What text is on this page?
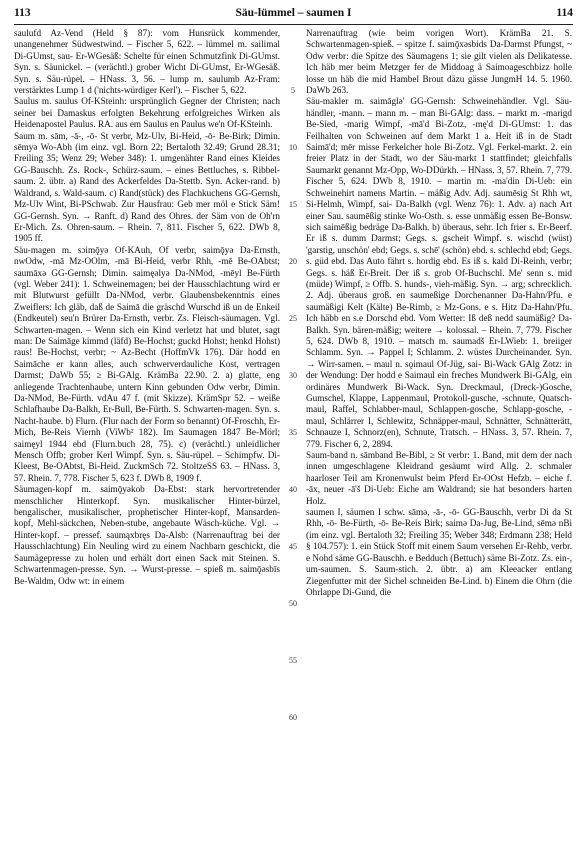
113	Säu-lümmel – saumen I	114

saulufd Az-Vend (Held § 87): vom Hunsrück kommender, unangenehmer Südwestwind. – Fischer 5, 622. – lümmel m. sailimal Di-GUmst, sau- Er-WGesäß: Schelte für einen Schmutzfink Di-GUmst. Syn. s. Säunickel. – (verächtl.) grober Wicht Di-GUmst, Er-WGesäß. Syn. s. Säu-rüpel. – HNass. 3, 56. – lump m. saulumb Az-Fram: verstärktes Lump 1 d ('nichts-würdiger Kerl'). – Fischer 5, 622.

Saulus m. saulus Of-KSteinh: ursprünglich Gegner der Christen; nach seiner bei Damaskus erfolgten Bekehrung erfolgreiches Wirken als Heidenapostel Paulus. RA. aus em Saulus en Paulus we'n Of-KSteinh.

Saum m. sām, -ā-, -ō- St verbr, Mz-Ulv, Bi-Heid, -ō- Be-Birk; Dimin. sēmyə Wo-Abh (im einz. vgl. Born 22; Bertaloth 32.49; Grund 28.31; Freiling 35; Wenz 29; Weber 348): 1. umgenähter Rand eines Kleides GG-Bauschh. Zs. Rock-, Schürz-saum. – eines Bettluches, s. Ribbel-saum. 2. übtr. a) Rand des Ackerfeldes Da-Stettb. Syn. Acker-rand. b) Waldrand, s. Wald-saum. c) Rand(stück) des Flachkuchens GG-Gernsh, Mz-Ulv Wint, Bi-PSchwab. Zur Hausfrau: Geb mer möl e Stick Säm! GG-Gernsh. Syn. → Ranft. d) Rand des Ohres. der Säm von de Oh'rn Er-Mich. Zs. Ohren-saum. – Rhein. 7, 811. Fischer 5, 622. DWb 8, 1905 ff.

Säu-magen m. sɔimǭyə Of-KAuh, Of verbr, saimǭyə Da-Ernsth, nwOdw, -mā Mz-OOlm, -mā Bi-Heid, verbr Rhh, -mē Be-OAbtst; saumāxə GG-Gernsh; Dimin. saimęǝlyǝ Da-NMod, -mēyl Be-Fürth (vgl. Weber 241): 1. Schweinemagen; bei der Hausschlachtung wird er mit Blutwurst gefüllt Da-NMod, verbr. Glaubensbekenntnis eines Zweiflers: Ich gläb, daß de Saimā die gräschd Wurschd iß un de Enkeil (Endkeutel) seu'n Brürer Da-Ernsth, verbr. Zs. Fleisch-säumagen. Vgl. Schwarten-magen. – Wenn sich ein Kind verletzt hat und blutet, sagt man: De Saimāge kimmd (läfd) Be-Hochst; guckd Hohst; henkd Hohst) raus! Be-Hochst, verbr; ~ Az-Becht (HoffmVk 176). Där hodd en Saimāche er kann alles, auch schwerverdauliche Kost, vertragen Darmst; DaWb 55; ≥ Bi-GAlg. KrämBa 22.90. 2. a) glatte, eng anliegende Trachtenhaube, untern Kinn gebunden Odw verbr, Dimin. Da-NMod, Be-Fürth. vdAu 47 f. (mit Skizze). KrämSpr 52. – weiße Schlafhaube Da-Balkh, Er-Bull, Be-Fürth. S. Schwarten-magen. Syn. s. Nacht-haube. b) Flurn. (Flur nach der Form so benannt) Of-Froschh, Er-Mich, Be-Reis Viernh (ViWb² 182). Im Saumagen 1847 Be-Mörl; saimęyl 1944 ebd (Flurn.buch 28, 75). c) (verächtl.) unleidlicher Mensch Offb; grober Kerl Wimpf. Syn. s. Säu-rüpel. – Schimpfw. Di-Kleest, Be-OAbtst, Bi-Heid. ZuckmSch 72. StoltzeSS 63. – HNass. 3, 57. Rhein. 7, 778. Fischer 5, 623 f. DWb 8, 1909 f.

Säumagen-kopf m. saimǭyəkob Da-Ebst: stark hervortretender menschlicher Hinterkopf. Syn. musikalischer Hinter-bürzel, bengalischer, musikalischer, prophetischer Hinter-kopf, Mansarden-kopf, Mehl-säckchen, Neben-stube, angebaute Wäsch-küche. Vgl. → Hinter-kopf. – pressef. saumąxbręs Da-Alsb: (Narrenauftrag bei der Hausschlachtung) Ein Neuling wird zu einem Nachbarn geschickt, die Saumägepresse zu holen und erhält dort einen Sack mit Steinen. S. Schwartenmagen-presse. Syn. → Wurst-presse. – spieß m. saimǭəsbīs Be-Waldm, Odw wt: in einem

5
10
15
20
25
30
35
40
45
50
55
60

Narrenauftrag (wie beim vorigen Wort). KrämBa 21. S. Schwartenmagen-spieß. – spitze f. saimǭxəsbids Da-Darmst Pfungst, ~ Odw verbr: die Spitze des Säumagens 1; sie gilt vielen als Delikatesse. Ich häb mer beim Metzger fer de Middoag ä Saimoageschbizz holle losse un häb die mid Hambel Brout däzu gässe JungmH 14. 5. 1960. DaWb 263.

Säu-makler m. saimāglə' GG-Gernsh: Schweinehändler. Vgl. Säu-händler, -mann. – mann m. – man Bi-GAlg: dass. – markt m. -marigd Be-Sied, -marig Wimpf, -mā'd Bi-Zotz, -mę'd Di-GUmst: 1. das Feilhalten von Schweinen auf dem Markt 1 a. Heit iß in de Stadt Saimā'd; mēr misse Ferkelcher hole Bi-Zotz. Vgl. Ferkel-markt. 2. ein freier Platz in der Stadt, wo der Säu-markt 1 stattfindet; gleichfalls Saumarkt genannt Mz-Opp, Wo-DDürkh. – HNass. 3, 57. Rhein. 7, 779. Fischer 5, 624. DWb 8, 1910. – martin m. -ma'din Di-Ueb: ein Schweinehirt namens Martin. – mäßig Adv. Adj. saumēsig St Rhh wt, Si-Helmh, Wimpf, sai- Da-Balkh (vgl. Wenz 76): 1. Adv. a) nach Art einer Sau. saumēßig stinke Wo-Osth. s. esse unmäßig essen Be-Bonsw. sich saimēßig bedräge Da-Balkh. b) überaus, sehr. Ich frier s. Er-Beerf. Er iß s. dumm Darmst; Gegs. s. gscheit Wimpf. s. wischd (wüst) 'garstig, unschön' ebd; Gegs. s. schē' (schön) ebd. s. schlechd ebd; Gegs. s. güd ebd. Das Auto fährt s. hordig ebd. Es iß s. kald Di-Reinh, verbr; Gegs. s. häß Er-Breit. Der iß s. grob Of-Buchschl. Me' senn s. mid (müde) Wimpf, ≥ Offb. S. hunds-, vieh-mäßig. Syn. → arg; schrecklich. 2. Adj. überaus groß. en saumeßige Dorchenanner Da-Hahn/Pfu. e saumäßigi Kelt (Kälte) Be-Rimb, ≥ Mz-Gons. e s. Hitz Da-Hahn/Pfu. Ich häbb en s.e Dorschd ebd. Vom Wetter: Iß deß nedd saumäßig? Da-Balkh. Syn. bären-mäßig; weitere → kolossal. – Rhein. 7, 779. Fischer 5, 624. DWb 8, 1910. – matsch m. saumadš Er-LWieb: 1. breiiger Schlamm. Syn. → Pappel I; Schlamm. 2. wüstes Durcheinander. Syn. → Wirr-samen. – maul n. sǫimaul Of-Jüg, sai- Bi-Wack GAlg Zotz: in der Wendung: Der hodd e Saimaul ein freches Mundwerk Bi-GAlg, ein ordinäres Mundwerk Bi-Wack. Syn. Dreckmaul, (Dreck-)Gosche, Gumschel, Klappe, Lappenmaul, Protokoll-gusche, -schnute, Quatsch-maul, Raffel, Schlabber-maul, Schlappen-gosche, Schlapp-gosche, -maul, Schlärrer I, Schlewitz, Schnäpper-maul, Schnätter, Schnätterätt, Schnauze I, Schnorz(en), Schnute, Tratsch. – HNass. 3, 57. Rhein. 7, 779. Fischer 6, 2, 2894.

Saum-band n. sāmband Be-Bibl, ≥ St verbr: 1. Band, mit dem der nach innen umgeschlagene Kleidrand gesäumt wird Allg. 2. schmaler haarloser Teil am Kronenwulst beim Pferd Er-OOst Hefzb. – eiche f. -āx, neuer -ā'š Di-Ueb: Eiche am Waldrand; sie hat besonders harten Holz.

saumen I, säumen I schw. sāmə, -ā-, -ō- GG-Bauschh, verbr Di da St Rhh, -ō- Be-Fürth, -ō- Be-Reis Birk; saimə Da-Jug, Be-Lind, sēmə nBi (im einz. vgl. Bertaloth 32; Freiling 35; Weber 348; Erdmann 238; Held § 104.757): 1. ein Stück Stoff mit einem Saum versehen Er-Rehb, verbr. e Nohd säme GG-Bauschh. e Bedduch (Bettuch) säme Bi-Zotz. Zs. ein-, um-saumen. S. Saum-stich. 2. übtr. a) am Kleeacker entlang Ziegenfutter mit der Sichel schneiden Be-Lind. b) Einem die Ohrn (die Ohrlappe Di-Gund, die
